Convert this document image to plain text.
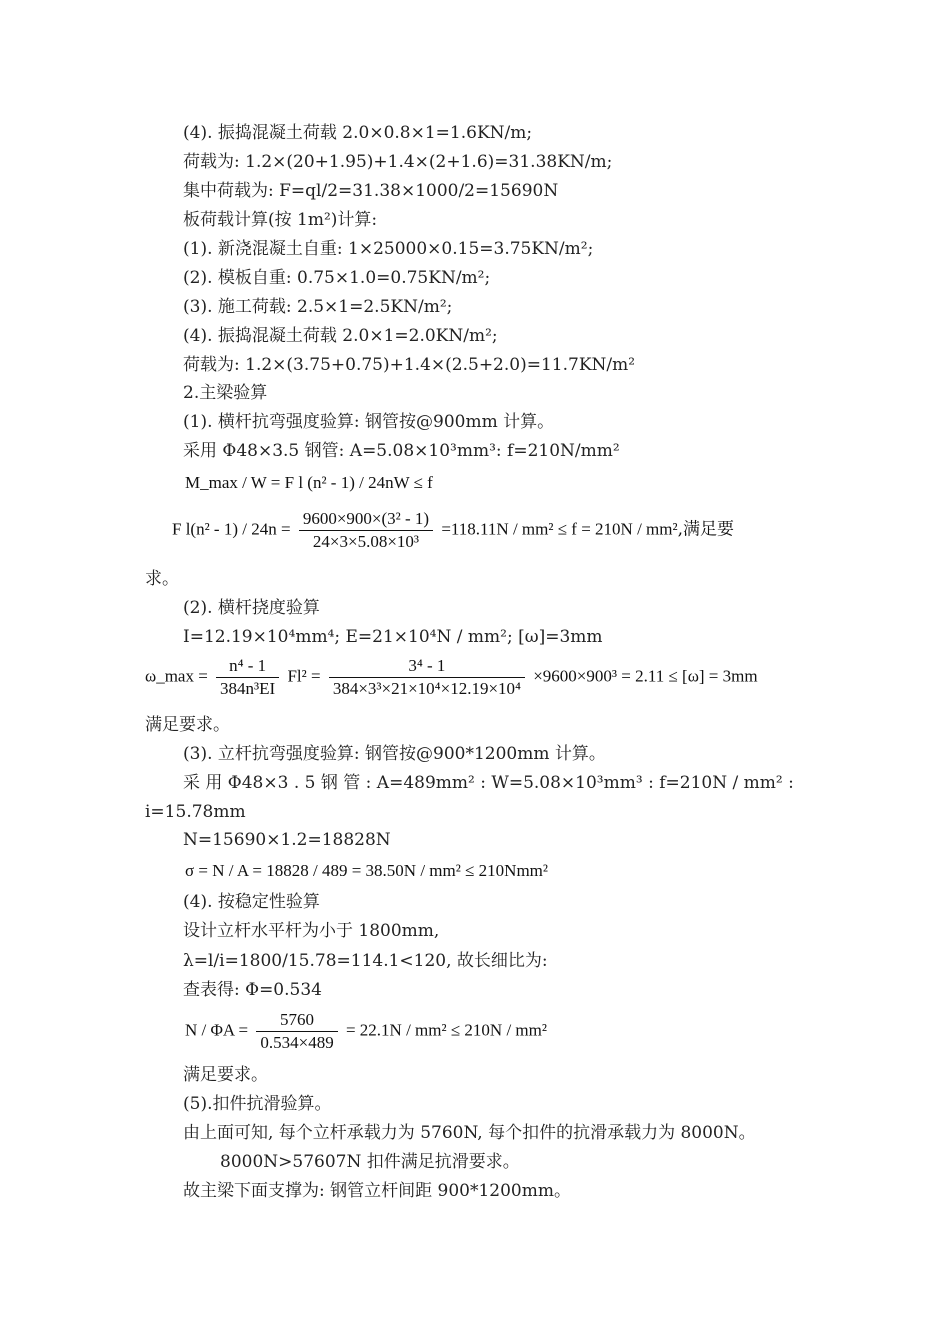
(4). 振捣混凝土荷载 2.0×0.8×1=1.6KN/m;
荷载为: 1.2×(20+1.95)+1.4×(2+1.6)=31.38KN/m;
集中荷载为: F=ql/2=31.38×1000/2=15690N
板荷载计算(按 1m²)计算:
(1). 新浇混凝土自重: 1×25000×0.15=3.75KN/m²;
(2). 模板自重: 0.75×1.0=0.75KN/m²;
(3). 施工荷载: 2.5×1=2.5KN/m²;
(4). 振捣混凝土荷载 2.0×1=2.0KN/m²;
荷载为: 1.2×(3.75+0.75)+1.4×(2.5+2.0)=11.7KN/m²
2.主梁验算
(1). 横杆抗弯强度验算: 钢管按@900mm 计算。
采用 Φ48×3.5 钢管: A=5.08×10³mm³: f=210N/mm²
M_max / W = F l (n² - 1) / 24nW ≤ f
F $l(n^2 - 1) / 24n = \frac{\text{9600×900×(3² - 1)}}{\text{24×3×5.08×10³}} =118.11N / mm^2 \le f = 210N / mm^2$,满足要
求。
(2). 横杆挠度验算
I=12.19×10⁴mm⁴; E=21×10⁴N / mm²; [ω]=3mm
ω_max = $\frac{\text{n⁴ - 1}}{\text{384n³EI}} Fl^2 = \frac{\text{3⁴ - 1}}{\text{384×3³×21×10⁴×12.19×10⁴}} \times 9600\times 900^3 = 2.11 \le [\omega] = 3mm$
满足要求。
(3). 立杆抗弯强度验算: 钢管按@900*1200mm 计算。
采 用 Φ48×3 . 5 钢 管 : A=489mm² : W=5.08×10³mm³ : f=210N / mm² :
i=15.78mm
N=15690×1.2=18828N
σ = N / A = 18828 / 489 = 38.50N / mm² ≤ 210Nmm²
(4). 按稳定性验算
设计立杆水平杆为小于 1800mm,
λ=l/i=1800/15.78=114.1<120, 故长细比为:
查表得: Φ=0.534
$N / \Phi A = \frac{5760}{0.534\times 489} = 22.1N / mm^2 \le 210N / mm^2$
满足要求。
(5).扣件抗滑验算。
由上面可知, 每个立杆承载力为 5760N, 每个扣件的抗滑承载力为 8000N。
8000N>57607N 扣件满足抗滑要求。
故主梁下面支撑为: 钢管立杆间距 900*1200mm。
